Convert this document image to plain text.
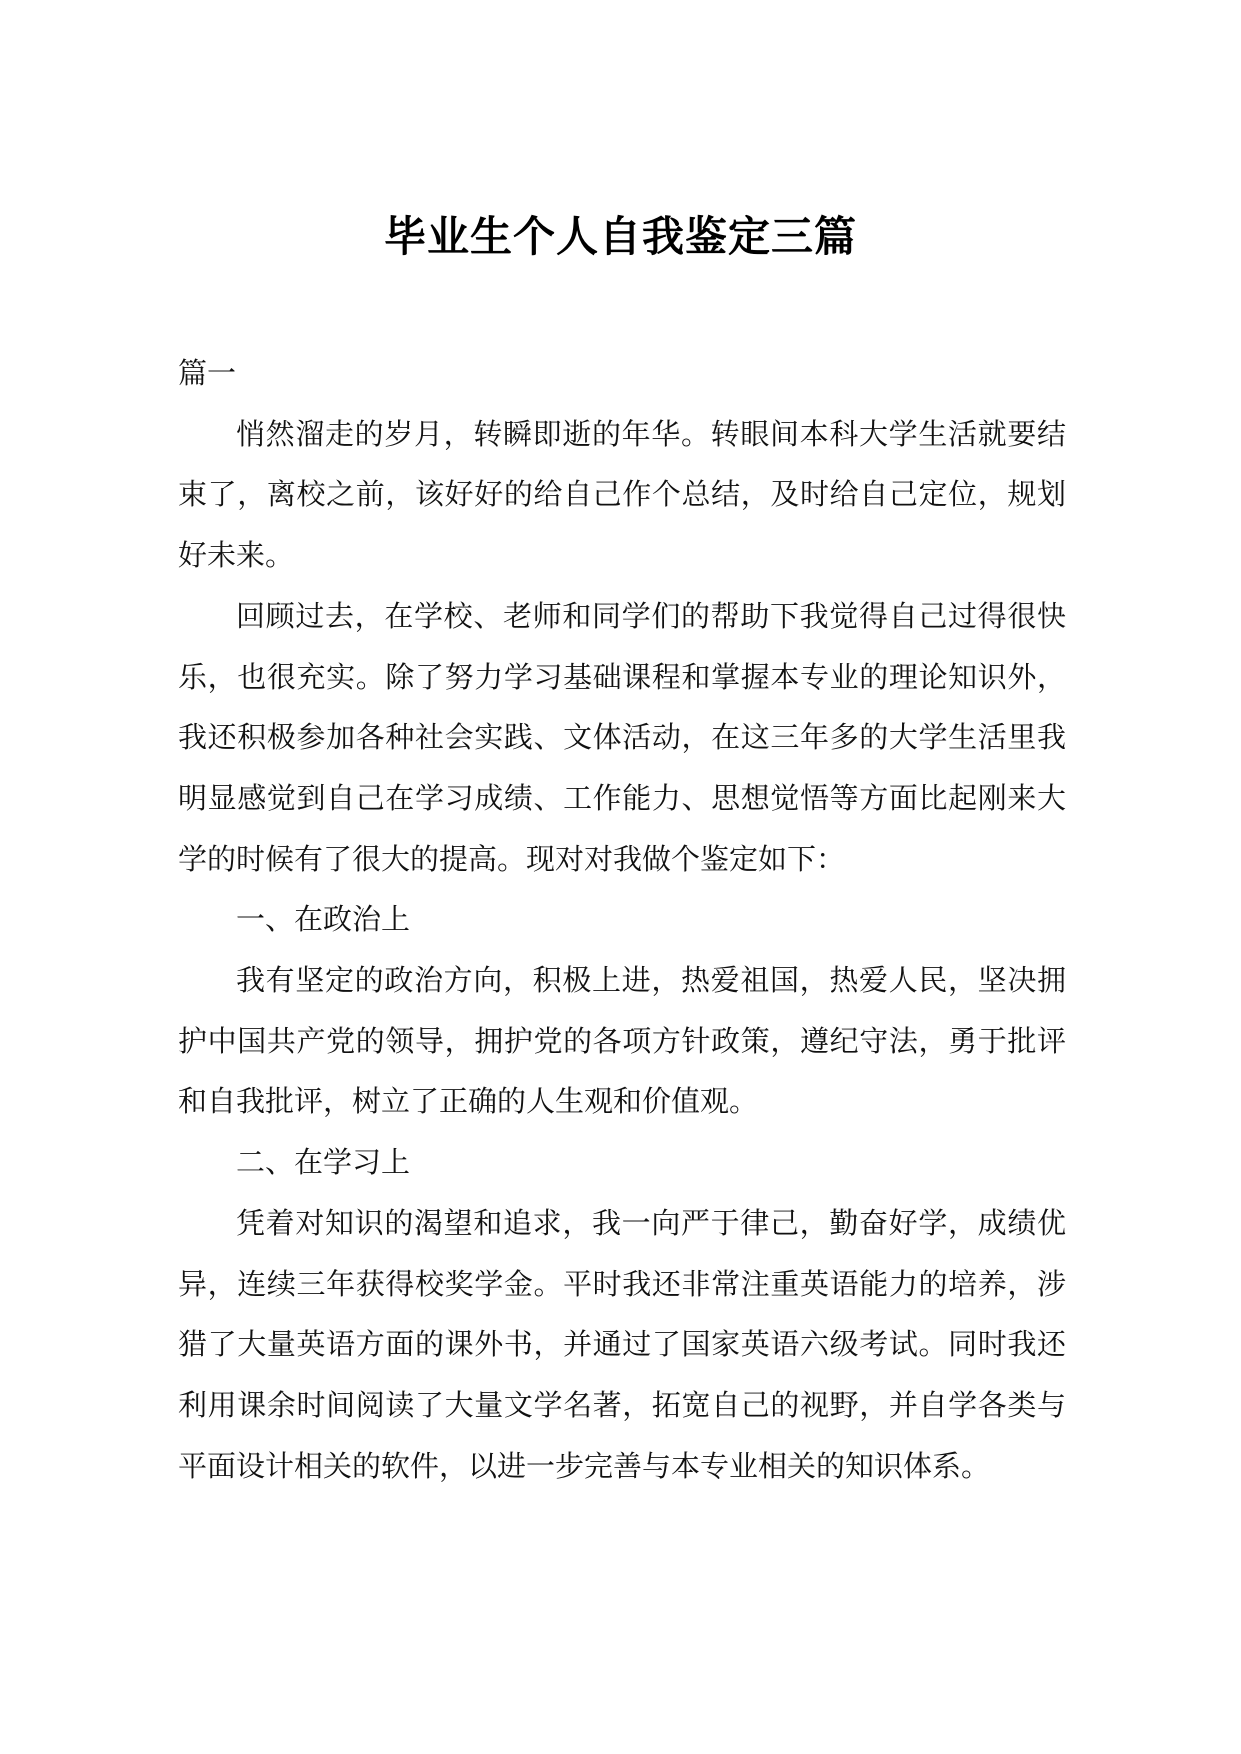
毕业生个人自我鉴定三篇

篇一

悄然溜走的岁月，转瞬即逝的年华。转眼间本科大学生活就要结束了，离校之前，该好好的给自己作个总结，及时给自己定位，规划好未来。

回顾过去，在学校、老师和同学们的帮助下我觉得自己过得很快乐，也很充实。除了努力学习基础课程和掌握本专业的理论知识外，我还积极参加各种社会实践、文体活动，在这三年多的大学生活里我明显感觉到自己在学习成绩、工作能力、思想觉悟等方面比起刚来大学的时候有了很大的提高。现对对我做个鉴定如下：

一、在政治上

我有坚定的政治方向，积极上进，热爱祖国，热爱人民，坚决拥护中国共产党的领导，拥护党的各项方针政策，遵纪守法，勇于批评和自我批评，树立了正确的人生观和价值观。

二、在学习上

凭着对知识的渴望和追求，我一向严于律己，勤奋好学，成绩优异，连续三年获得校奖学金。平时我还非常注重英语能力的培养，涉猎了大量英语方面的课外书，并通过了国家英语六级考试。同时我还利用课余时间阅读了大量文学名著，拓宽自己的视野，并自学各类与平面设计相关的软件，以进一步完善与本专业相关的知识体系。
